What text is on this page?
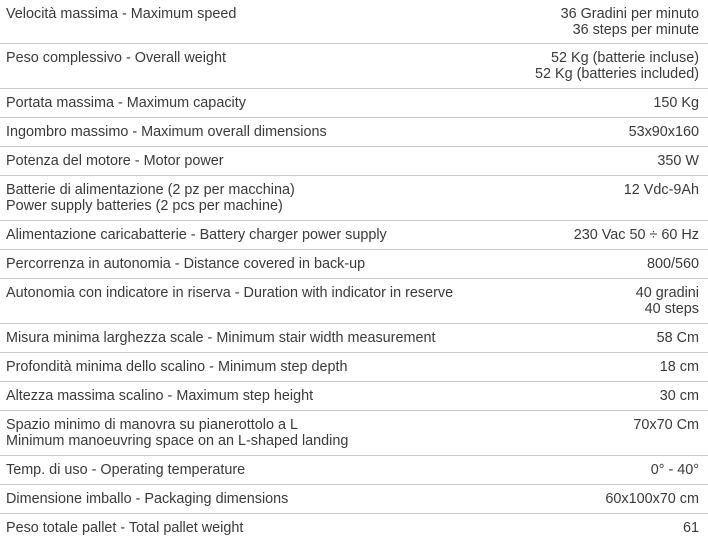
Velocità massima - Maximum speed	36 Gradini per minuto
36 steps per minute

Peso complessivo - Overall weight	52 Kg (batterie incluse)
52 Kg (batteries included)

Portata massima - Maximum capacity	150 Kg

Ingombro massimo - Maximum overall dimensions	53x90x160

Potenza del motore - Motor power	350 W

Batterie di alimentazione (2 pz per macchina)
Power supply batteries (2 pcs per machine)	12 Vdc-9Ah

Alimentazione caricabatterie - Battery charger power supply	230 Vac 50 ÷ 60 Hz

Percorrenza in autonomia - Distance covered in back-up	800/560

Autonomia con indicatore in riserva - Duration with indicator in reserve	40 gradini
40 steps

Misura minima larghezza scale - Minimum stair width measurement	58 Cm

Profondità minima dello scalino - Minimum step depth	18 cm

Altezza massima scalino - Maximum step height	30 cm

Spazio minimo di manovra su pianerottolo a L
Minimum manoeuvring space on an L-shaped landing	70x70 Cm

Temp. di uso - Operating temperature	0° - 40°

Dimensione imballo - Packaging dimensions	60x100x70 cm

Peso totale pallet - Total pallet weight	61
